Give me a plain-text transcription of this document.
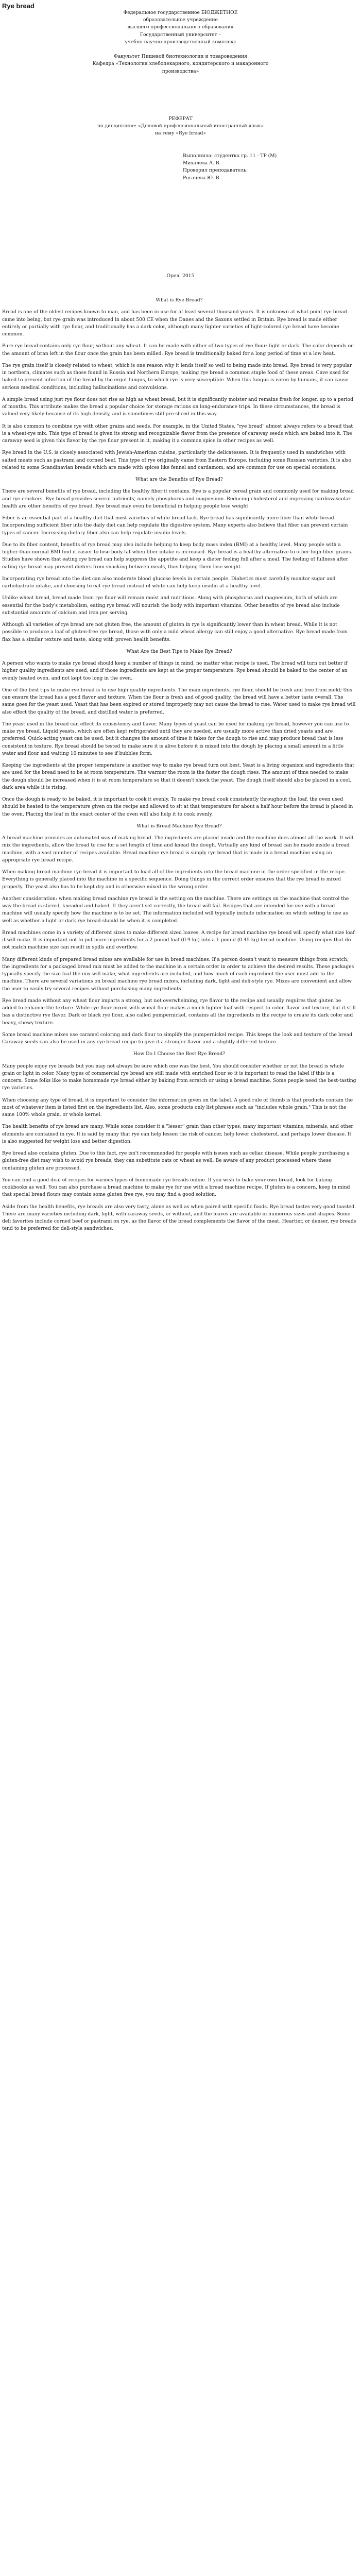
Rye bread
Федеральное государственное БЮДЖЕТНОЕ
образовательное учреждение
высшего профессионального образования
Государственный университет –
учебно-научно-производственный комплекс

Факультет Пищевой биотехнологии и товароведения
Кафедра «Технология хлебопекарного, кондитерского и макаронного
производства»
РЕФЕРАТ
по дисциплине: «Деловой профессиональный иностранный язык»
на тему «Rye bread»
Выполнила: студентка гр. 11 - ТР (М)
Михалева А. В.
Проверил преподаватель:
Рогачева Ю. В.
Орел, 2015
What is Rye Bread?

Bread is one of the oldest recipes known to man, and has been in use for at least several thousand years. It is unknown at what point rye bread came into being, but rye grain was introduced in about 500 CE when the Danes and the Saxons settled in Britain. Rye bread is made either entirely or partially with rye flour, and traditionally has a dark color, although many lighter varieties of light-colored rye bread have become common.

Pure rye bread contains only rye flour, without any wheat. It can be made with either of two types of rye flour: light or dark. The color depends on the amount of bran left in the flour once the grain has been milled. Rye bread is traditionally baked for a long period of time at a low heat.

The rye grain itself is closely related to wheat, which is one reason why it lends itself so well to being made into bread. Rye bread is very popular in northern, climates such as those found in Russia and Northern Europe, making rye bread a common staple food of these areas. Cave used for baked to prevent infection of the bread by the ergot fungus, to which rye is very susceptible. When this fungus is eaten by humans, it can cause serious medical conditions, including hallucinations and convulsions.

A simple bread using just rye flour does not rise as high as wheat bread, but it is significantly moister and remains fresh for longer, up to a period of months. This attribute makes the bread a popular choice for storage rations on long-endurance trips. In these circumstances, the bread is valued very likely because of its high density, and is sometimes still pre-sliced in this way.

It is also common to combine rye with other grains and seeds. For example, in the United States, "rye bread" almost always refers to a bread that is a wheat-rye mix. This type of bread is given its strong and recognizable flavor from the presence of caraway seeds which are baked into it. The caraway seed is given this flavor by the rye flour present in it, making it a common spice in other recipes as well.

Rye bread in the U.S. is closely associated with Jewish-American cuisine, particularly the delicatessen. It is frequently used in sandwiches with salted meats such as pastrami and corned beef. This type of rye originally came from Eastern Europe, including some Russian varieties. It is also related to some Scandinavian breads which are made with spices like fennel and cardamom, and are common for use on special occasions.

What are the Benefits of Rye Bread?

There are several benefits of rye bread, including the healthy fiber it contains. Rye is a popular cereal grain and commonly used for making bread and rye crackers. Rye bread provides several nutrients, namely phosphorus and magnesium. Reducing cholesterol and improving cardiovascular health are other benefits of rye bread. Rye bread may even be beneficial in helping people lose weight.

Fiber is an essential part of a healthy diet that most varieties of white bread lack. Rye bread has significantly more fiber than white bread. Incorporating sufficient fiber into the daily diet can help regulate the digestive system. Many experts also believe that fiber can prevent certain types of cancer. Increasing dietary fiber also can help regulate insulin levels.

Due to its fiber content, benefits of rye bread may also include helping to keep body mass index (BMI) at a healthy level. Many people with a higher-than-normal BMI find it easier to lose body fat when fiber intake is increased. Rye bread is a healthy alternative to other high-fiber grains. Studies have shown that eating rye bread can help suppress the appetite and keep a dieter feeling full after a meal. The feeling of fullness after eating rye bread may prevent dieters from snacking between meals, thus helping them lose weight.

Incorporating rye bread into the diet can also moderate blood glucose levels in certain people. Diabetics must carefully monitor sugar and carbohydrate intake, and choosing to eat rye bread instead of white can help keep insulin at a healthy level.

Unlike wheat bread, bread made from rye flour will remain moist and nutritious. Along with phosphorus and magnesium, both of which are essential for the body's metabolism, eating rye bread will nourish the body with important vitamins. Other benefits of rye bread also include substantial amounts of calcium and iron per serving.

Although all varieties of rye bread are not gluten free, the amount of gluten in rye is significantly lower than in wheat bread. While it is not possible to produce a loaf of gluten-free rye bread, those with only a mild wheat allergy can still enjoy a good alternative. Rye bread made from flax has a similar texture and taste, along with proven health benefits.

What Are the Best Tips to Make Rye Bread?

A person who wants to make rye bread should keep a number of things in mind, no matter what recipe is used. The bread will turn out better if higher quality ingredients are used, and if those ingredients are kept at the proper temperature. Rye bread should be baked to the center of an evenly heated oven, and not kept too long in the oven.

One of the best tips to make rye bread is to use high quality ingredients. The main ingredients, rye flour, should be fresh and free from mold; this can ensure the bread has a good flavor and texture. When the flour is fresh and of good quality, the bread will have a better taste overall. The same goes for the yeast used. Yeast that has been expired or stored improperly may not cause the bread to rise. Water used to make rye bread will also effect the quality of the bread, and distilled water is preferred.

The yeast used in the bread can effect its consistency and flavor. Many types of yeast can be used for making rye bread, however you can use to make rye bread. Liquid yeasts, which are often kept refrigerated until they are needed, are usually more active than dried yeasts and are preferred. Quick-acting yeast can be used, but it changes the amount of time it takes for the dough to rise and may produce bread that is less consistent in texture. Rye bread should be tested to make sure it is alive before it is mixed into the dough by placing a small amount in a little water and flour and waiting 10 minutes to see if bubbles form.

Keeping the ingredients at the proper temperature is another way to make rye bread turn out best. Yeast is a living organism and ingredients that are used for the bread need to be at room temperature. The warmer the room is the faster the dough rises. The amount of time needed to make the dough should be increased when it is at room temperature so that it doesn't shock the yeast. The dough itself should also be placed in a cool, dark area while it is rising.

Once the dough is ready to be baked, it is important to cook it evenly. To make rye bread cook consistently throughout the loaf, the oven used should be heated to the temperature given on the recipe and allowed to sit at that temperature for about a half hour before the bread is placed in the oven. Placing the loaf in the exact center of the oven will also help it to cook evenly.

What is Bread Machine Rye Bread?

A bread machine provides an automated way of making bread. The ingredients are placed inside and the machine does almost all the work. It will mix the ingredients, allow the bread to rise for a set length of time and knead the dough. Virtually any kind of bread can be made inside a bread machine, with a vast number of recipes available. Bread machine rye bread is simply rye bread that is made in a bread machine using an appropriate rye bread recipe.

When making bread machine rye bread it is important to load all of the ingredients into the bread machine in the order specified in the recipe. Everything is generally placed into the machine in a specific sequence. Doing things in the correct order ensures that the rye bread is mixed properly. The yeast also has to be kept dry and is otherwise mixed in the wrong order.

Another consideration: when making bread machine rye bread is the setting on the machine. There are settings on the machine that control the way the bread is stirred, kneaded and baked. If they aren't set correctly, the bread will fail. Recipes that are intended for use with a bread machine will usually specify how the machine is to be set. The information included will typically include information on which setting to use as well as whether a light or dark rye bread should be when it is completed.

Bread machines come in a variety of different sizes to make different sized loaves. A recipe for bread machine rye bread will specify what size loaf it will make. It is important not to put more ingredients for a 2 pound loaf (0.9 kg) into a 1 pound (0.45 kg) bread machine. Using recipes that do not match machine size can result in spills and overflow.

Many different kinds of prepared bread mixes are available for use in bread machines. If a person doesn't want to measure things from scratch, the ingredients for a packaged bread mix must be added to the machine in a certain order in order to achieve the desired results. These packages typically specify the size loaf the mix will make, what ingredients are included, and how much of each ingredient the user must add to the machine. There are several variations on bread machine rye bread mixes, including dark, light and deli-style rye. Mixes are convenient and allow the user to easily try several recipes without purchasing many ingredients.

Rye bread made without any wheat flour imparts a strong, but not overwhelming, rye flavor to the recipe and usually requires that gluten be added to enhance the texture. While rye flour mixed with wheat flour makes a much lighter loaf with respect to color, flavor and texture, but it still has a distinctive rye flavor. Dark or black rye flour, also called pumpernickel, contains all the ingredients in the recipe to create its dark color and heavy, chewy texture.

Some bread machine mixes use caramel coloring and dark flour to simplify the pumpernickel recipe. This keeps the look and texture of the bread. Caraway seeds can also be used in any rye bread recipe to give it a stronger flavor and a slightly different texture.

How Do I Choose the Best Rye Bread?

Many people enjoy rye breads but you may not always be sure which one was the best. You should consider whether or not the bread is whole grain or light in color. Many types of commercial rye bread are still made with enriched flour so it is important to read the label if this is a concern. Some folks like to make homemade rye bread either by baking from scratch or using a bread machine. Some people need the best-tasting rye varieties.

When choosing any type of bread, it is important to consider the information given on the label. A good rule of thumb is that products contain the most of whatever item is listed first on the ingredients list. Also, some products only list phrases such as "includes whole grain." This is not the same 100% whole grain, or whole kernel.

The health benefits of rye bread are many. While some consider it a "lesser" grain than other types, many important vitamins, minerals, and other elements are contained in rye. It is said by many that rye can help lessen the risk of cancer, help lower cholesterol, and perhaps lower disease. It is also suggested for weight loss and better digestion.

Rye bread also contains gluten. Due to this fact, rye isn't recommended for people with issues such as celiac disease. While people purchasing a gluten-free diet may wish to avoid rye breads, they can substitute oats or wheat as well. Be aware of any product processed where these containing gluten are processed.

You can find a good deal of recipes for various types of homemade rye breads online. If you wish to bake your own bread, look for baking cookbooks as well. You can also purchase a bread machine to make rye for use with a bread machine recipe. If gluten is a concern, keep in mind that special bread flours may contain some gluten free rye, you may find a good solution.

Aside from the health benefits, rye breads are also very tasty, alone as well as when paired with specific foods. Rye bread tastes very good toasted. There are many varieties including dark, light, with caraway seeds, or without, and the loaves are available in numerous sizes and shapes. Some deli favorites include corned beef or pastrami on rye, as the flavor of the bread complements the flavor of the meat. Heartier, or denser, rye breads tend to be preferred for deli-style sandwiches.
